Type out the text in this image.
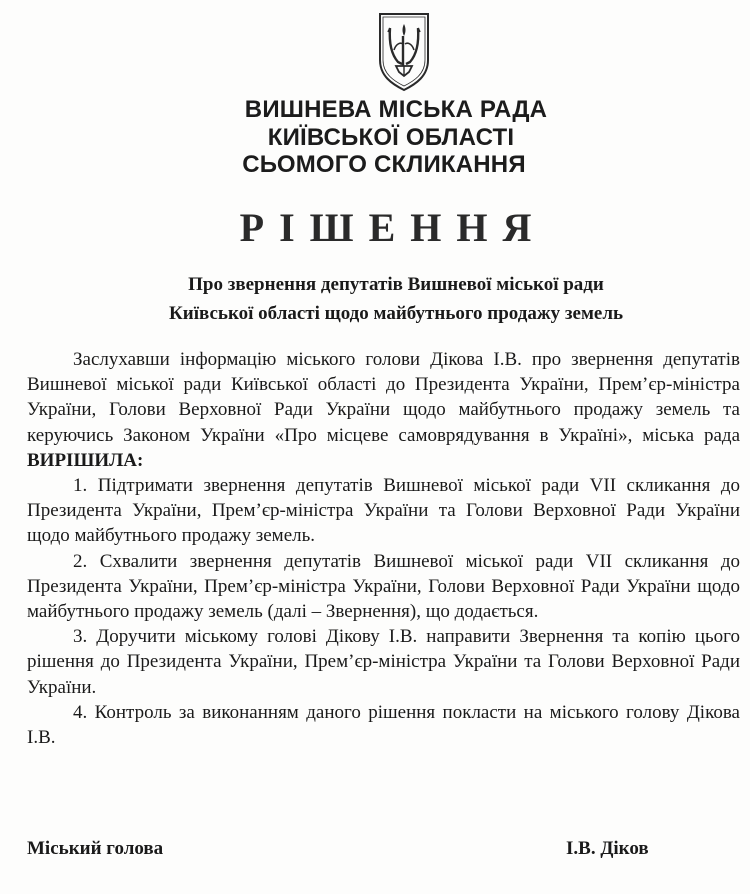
ВИШНЕВА МІСЬКА РАДА
КИЇВСЬКОЇ ОБЛАСТІ
СЬОМОГО СКЛИКАННЯ
РІШЕННЯ
Про звернення депутатів Вишневої міської ради
Київської області щодо майбутнього продажу земель

Заслухавши інформацію міського голови Дікова І.В. про звернення депутатів Вишневої міської ради Київської області до Президента України, Прем’єр-міністра України, Голови Верховної Ради України щодо майбутнього продажу земель та керуючись Законом України «Про місцеве самоврядування в Україні», міська рада ВИРІШИЛА:

1. Підтримати звернення депутатів Вишневої міської ради VII скликання до Президента України, Прем’єр-міністра України та Голови Верховної Ради України щодо майбутнього продажу земель.

2. Схвалити звернення депутатів Вишневої міської ради VII скликання до Президента України, Прем’єр-міністра України, Голови Верховної Ради України щодо майбутнього продажу земель (далі – Звернення), що додається.

3. Доручити міському голові Дікову І.В. направити Звернення та копію цього рішення до Президента України, Прем’єр-міністра України та Голови Верховної Ради України.

4. Контроль за виконанням даного рішення покласти на міського голову Дікова І.В.

Міський голова	І.В. Діков
